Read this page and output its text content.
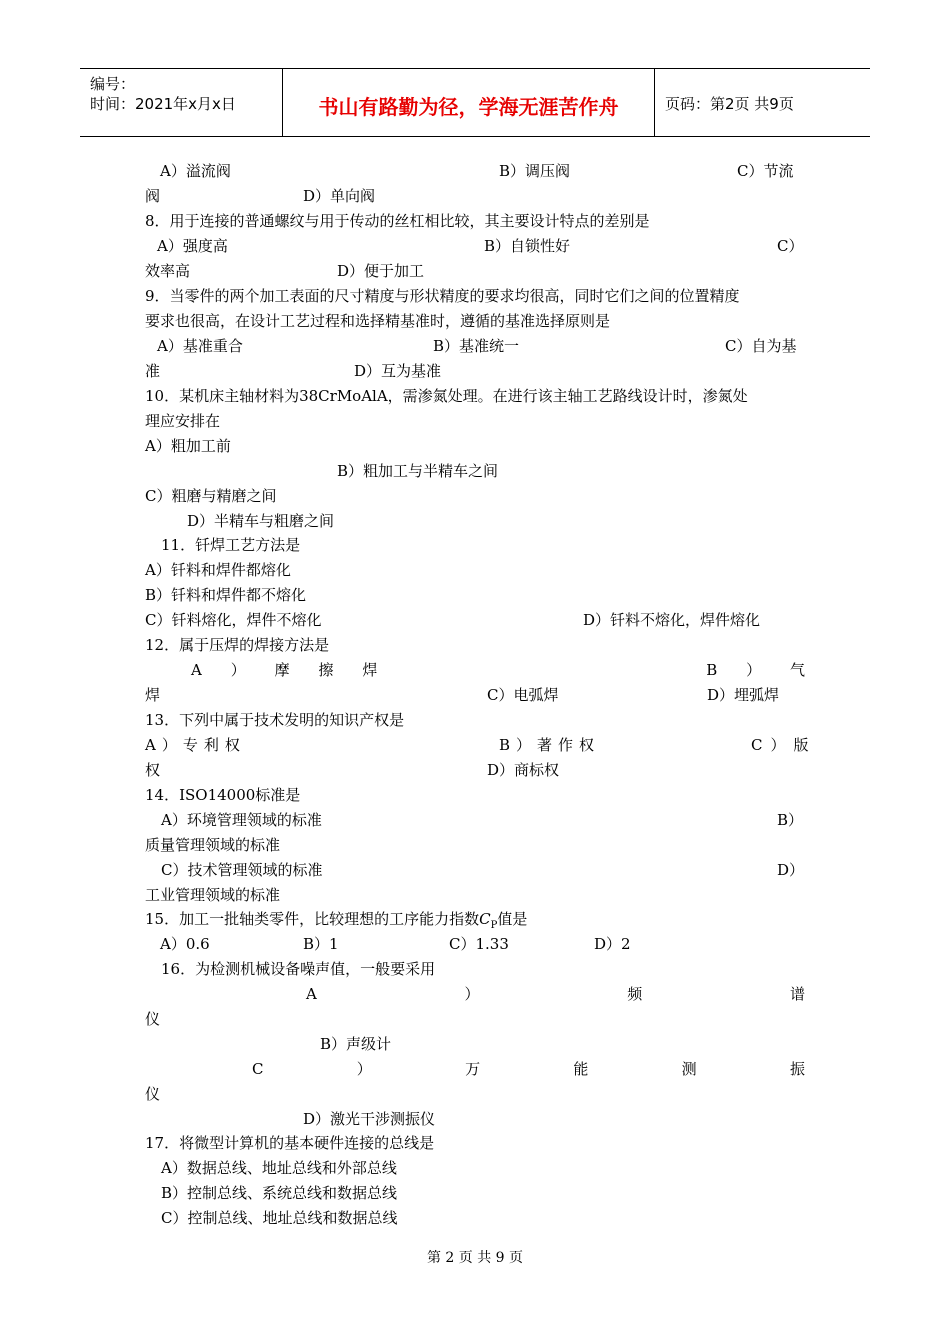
编号：
时间：2021年x月x日	书山有路勤为径，学海无涯苦作舟	页码：第2页 共9页
A）溢流阀	B）调压阀	C）节流
阀	D）单向阀
8．用于连接的普通螺纹与用于传动的丝杠相比较，其主要设计特点的差别是
A）强度高	B）自锁性好	C）
效率高	D）便于加工
9．当零件的两个加工表面的尺寸精度与形状精度的要求均很高，同时它们之间的位置精度
要求也很高，在设计工艺过程和选择精基准时，遵循的基准选择原则是
A）基准重合	B）基准统一	C）自为基
准	D）互为基准
10．某机床主轴材料为38CrMoAlA，需渗氮处理。在进行该主轴工艺路线设计时，渗氮处
理应安排在
A）粗加工前
B）粗加工与半精车之间
C）粗磨与精磨之间
D）半精车与粗磨之间
11．钎焊工艺方法是
A）钎料和焊件都熔化
B）钎料和焊件都不熔化
C）钎料熔化，焊件不熔化	D）钎料不熔化，焊件熔化
12．属于压焊的焊接方法是
A ） 摩 擦 焊	B ） 气
焊	C）电弧焊	D）埋弧焊
13．下列中属于技术发明的知识产权是
A）专利权	B）著作权	C）版
权	D）商标权
14．ISO14000标准是
A）环境管理领域的标准	B）
质量管理领域的标准
C）技术管理领域的标准	D）
工业管理领域的标准
15．加工一批轴类零件，比较理想的工序能力指数$C_P$值是
A）0.6	B）1	C）1.33	D）2
16．为检测机械设备噪声值，一般要采用
A	）	频	谱
仪
B）声级计
C	）	万	能	测	振
仪
D）激光干涉测振仪
17．将微型计算机的基本硬件连接的总线是
A）数据总线、地址总线和外部总线
B）控制总线、系统总线和数据总线
C）控制总线、地址总线和数据总线
第 2 页 共 9 页
